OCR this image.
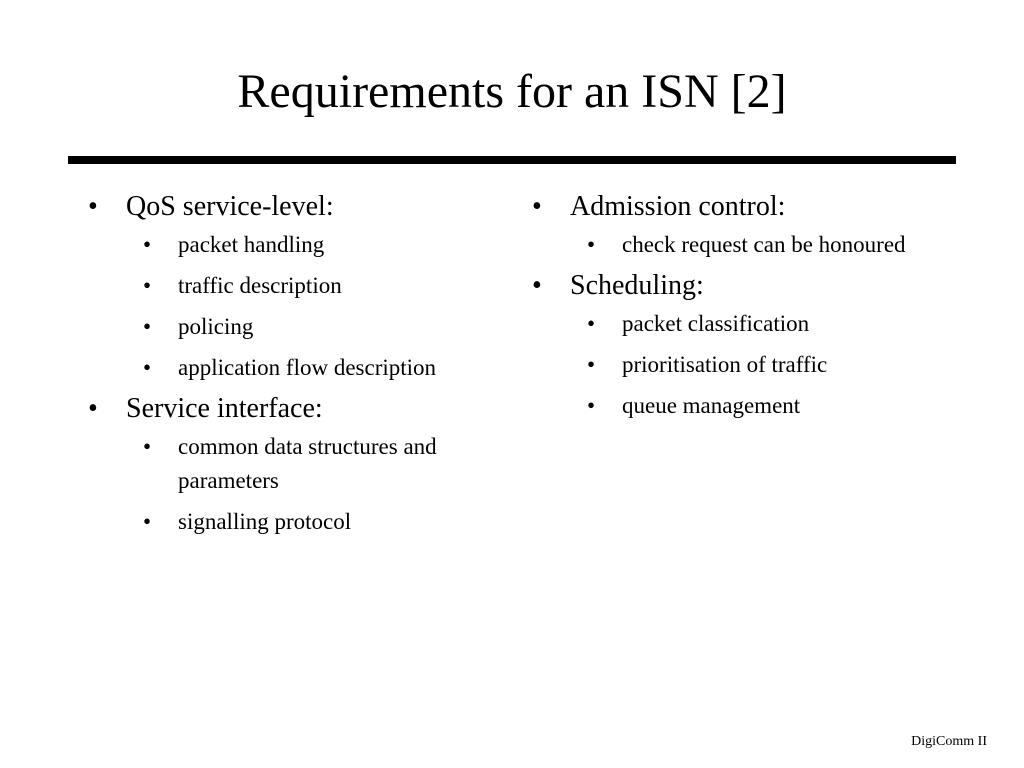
Requirements for an ISN [2]
• QoS service-level:
• packet handling
• traffic description
• policing
• application flow description
• Service interface:
• common data structures and parameters
• signalling protocol
• Admission control:
• check request can be honoured
• Scheduling:
• packet classification
• prioritisation of traffic
• queue management
DigiComm II
